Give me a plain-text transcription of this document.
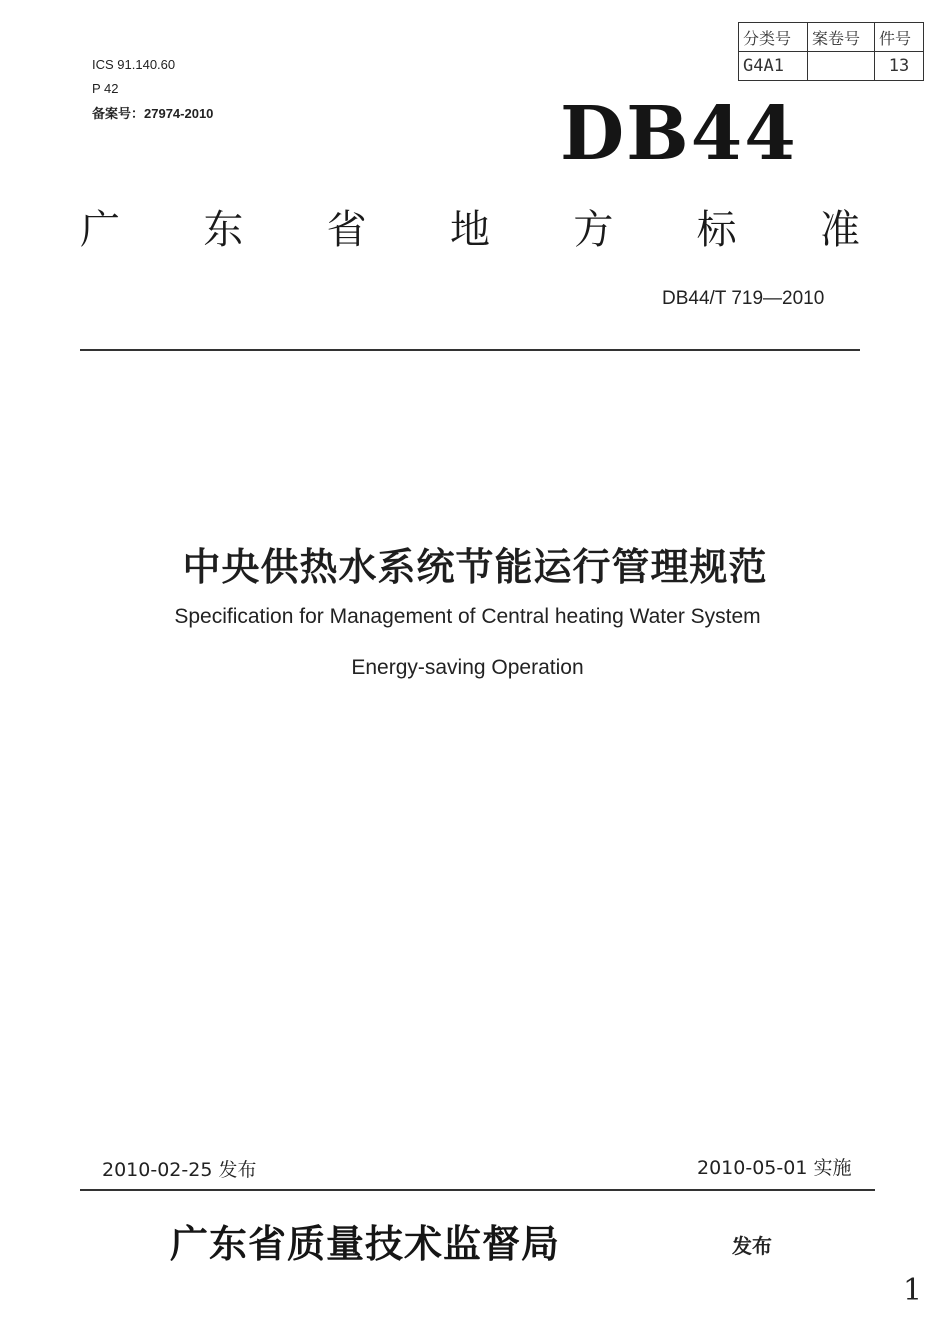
ICS 91.140.60
P 42
备案号：27974-2010
分类号	案卷号	件号
G4A1		13
DB44
广 东 省 地 方 标 准
DB44/T 719—2010
中央供热水系统节能运行管理规范
Specification for Management of Central heating Water System
Energy-saving Operation
2010-02-25 发布	2010-05-01 实施
广东省质量技术监督局	发布
1
